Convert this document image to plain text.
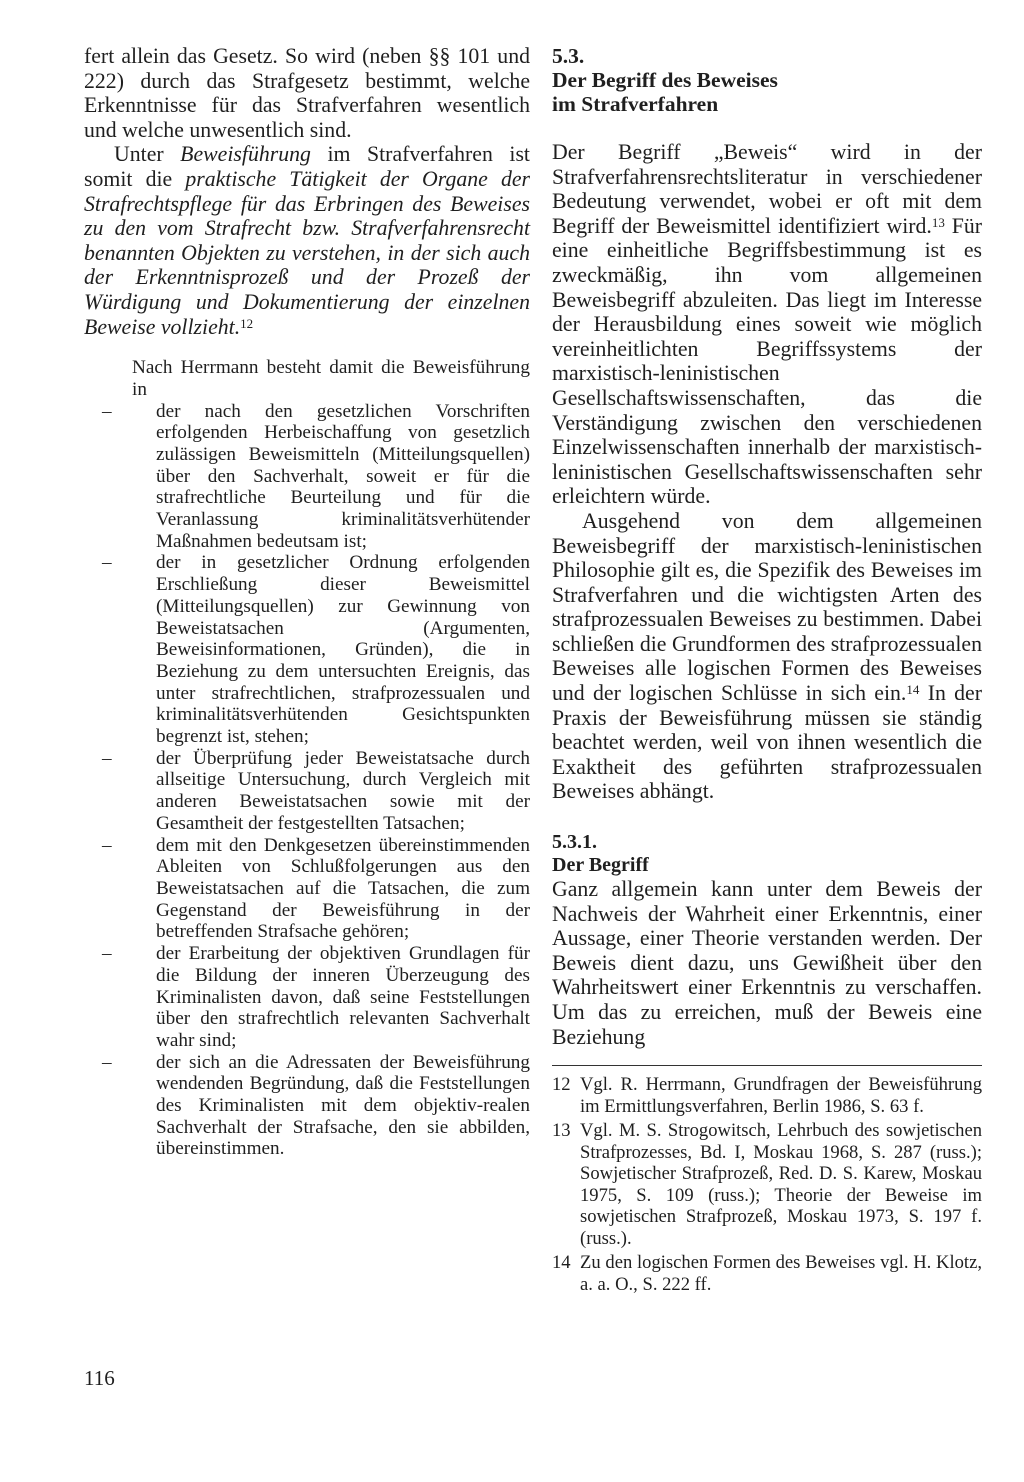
fert allein das Gesetz. So wird (neben §§ 101 und 222) durch das Strafgesetz bestimmt, welche Erkenntnisse für das Strafverfahren wesentlich und welche unwesentlich sind.

Unter Beweisführung im Strafverfahren ist somit die praktische Tätigkeit der Organe der Strafrechtspflege für das Erbringen des Beweises zu den vom Strafrecht bzw. Strafverfahrensrecht benannten Objekten zu verstehen, in der sich auch der Erkenntnisprozeß und der Prozeß der Würdigung und Dokumentierung der einzelnen Beweise vollzieht.$^{12}$

Nach Herrmann besteht damit die Beweisführung in

– der nach den gesetzlichen Vorschriften erfolgenden Herbeischaffung von gesetzlich zulässigen Beweismitteln (Mitteilungsquellen) über den Sachverhalt, soweit er für die strafrechtliche Beurteilung und für die Veranlassung kriminalitätsverhütender Maßnahmen bedeutsam ist;
– der in gesetzlicher Ordnung erfolgenden Erschließung dieser Beweismittel (Mitteilungsquellen) zur Gewinnung von Beweistatsachen (Argumenten, Beweisinformationen, Gründen), die in Beziehung zu dem untersuchten Ereignis, das unter strafrechtlichen, strafprozessualen und kriminalitätsverhütenden Gesichtspunkten begrenzt ist, stehen;
– der Überprüfung jeder Beweistatsache durch allseitige Untersuchung, durch Vergleich mit anderen Beweistatsachen sowie mit der Gesamtheit der festgestellten Tatsachen;
– dem mit den Denkgesetzen übereinstimmenden Ableiten von Schlußfolgerungen aus den Beweistatsachen auf die Tatsachen, die zum Gegenstand der Beweisführung in der betreffenden Strafsache gehören;
– der Erarbeitung der objektiven Grundlagen für die Bildung der inneren Überzeugung des Kriminalisten davon, daß seine Feststellungen über den strafrechtlich relevanten Sachverhalt wahr sind;
– der sich an die Adressaten der Beweisführung wendenden Begründung, daß die Feststellungen des Kriminalisten mit dem objektiv-realen Sachverhalt der Strafsache, den sie abbilden, übereinstimmen.

5.3.

Der Begriff des Beweises
im Strafverfahren

Der Begriff „Beweis“ wird in der Strafverfahrensrechtsliteratur in verschiedener Bedeutung verwendet, wobei er oft mit dem Begriff der Beweismittel identifiziert wird.$^{13}$ Für eine einheitliche Begriffsbestimmung ist es zweckmäßig, ihn vom allgemeinen Beweisbegriff abzuleiten. Das liegt im Interesse der Herausbildung eines soweit wie möglich vereinheitlichten Begriffssystems der marxistisch-leninistischen Gesellschaftswissenschaften, das die Verständigung zwischen den verschiedenen Einzelwissenschaften innerhalb der marxistisch-leninistischen Gesellschaftswissenschaften sehr erleichtern würde.

Ausgehend von dem allgemeinen Beweisbegriff der marxistisch-leninistischen Philosophie gilt es, die Spezifik des Beweises im Strafverfahren und die wichtigsten Arten des strafprozessualen Beweises zu bestimmen. Dabei schließen die Grundformen des strafprozessualen Beweises alle logischen Formen des Beweises und der logischen Schlüsse in sich ein.$^{14}$ In der Praxis der Beweisführung müssen sie ständig beachtet werden, weil von ihnen wesentlich die Exaktheit des geführten strafprozessualen Beweises abhängt.

5.3.1.

Der Begriff

Ganz allgemein kann unter dem Beweis der Nachweis der Wahrheit einer Erkenntnis, einer Aussage, einer Theorie verstanden werden. Der Beweis dient dazu, uns Gewißheit über den Wahrheitswert einer Erkenntnis zu verschaffen. Um das zu erreichen, muß der Beweis eine Beziehung

12 Vgl. R. Herrmann, Grundfragen der Beweisführung im Ermittlungsverfahren, Berlin 1986, S. 63 f.
13 Vgl. M. S. Strogowitsch, Lehrbuch des sowjetischen Strafprozesses, Bd. I, Moskau 1968, S. 287 (russ.); Sowjetischer Strafprozeß, Red. D. S. Karew, Moskau 1975, S. 109 (russ.); Theorie der Beweise im sowjetischen Strafprozeß, Moskau 1973, S. 197 f. (russ.).
14 Zu den logischen Formen des Beweises vgl. H. Klotz, a. a. O., S. 222 ff.
116
